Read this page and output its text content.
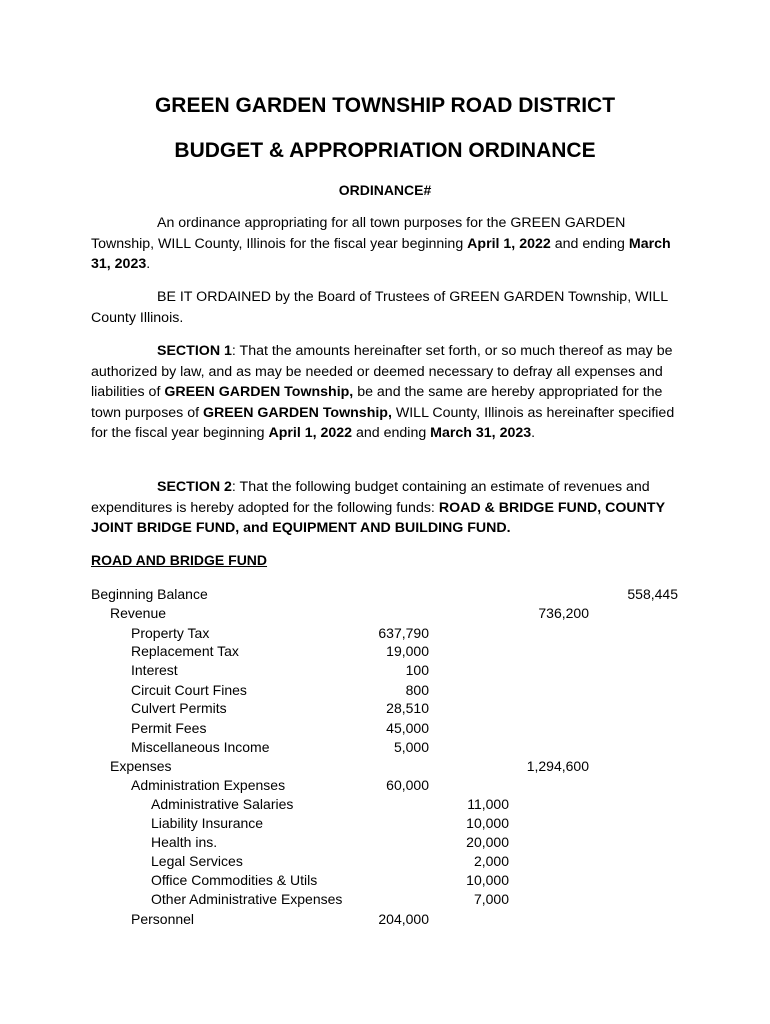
GREEN GARDEN TOWNSHIP ROAD DISTRICT
BUDGET & APPROPRIATION ORDINANCE
ORDINANCE#

An ordinance appropriating for all town purposes for the GREEN GARDEN Township, WILL County, Illinois for the fiscal year beginning April 1, 2022 and ending March 31, 2023.

BE IT ORDAINED by the Board of Trustees of GREEN GARDEN Township, WILL County Illinois.

SECTION 1: That the amounts hereinafter set forth, or so much thereof as may be authorized by law, and as may be needed or deemed necessary to defray all expenses and liabilities of GREEN GARDEN Township, be and the same are hereby appropriated for the town purposes of GREEN GARDEN Township, WILL County, Illinois as hereinafter specified for the fiscal year beginning April 1, 2022 and ending March 31, 2023.

SECTION 2: That the following budget containing an estimate of revenues and expenditures is hereby adopted for the following funds: ROAD & BRIDGE FUND, COUNTY JOINT BRIDGE FUND, and EQUIPMENT AND BUILDING FUND.

ROAD AND BRIDGE FUND
Beginning Balance	558,445
Revenue	736,200
Property Tax	637,790
Replacement Tax	19,000
Interest	100
Circuit Court Fines	800
Culvert Permits	28,510
Permit Fees	45,000
Miscellaneous Income	5,000
Expenses	1,294,600
Administration Expenses	60,000
Administrative Salaries	11,000
Liability Insurance	10,000
Health ins.	20,000
Legal Services	2,000
Office Commodities & Utils	10,000
Other Administrative Expenses	7,000
Personnel	204,000
